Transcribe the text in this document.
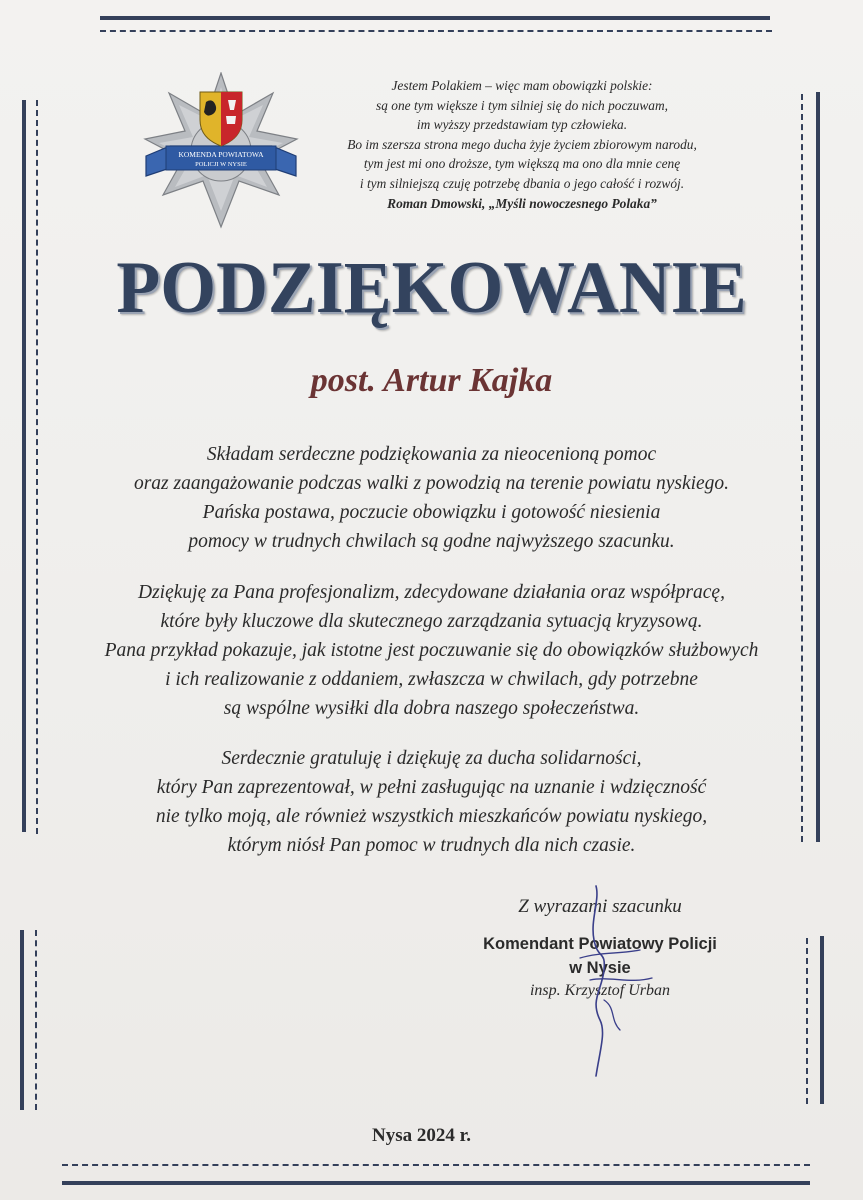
KOMENDA POWIATOWA
POLICJI W NYSIE
Jestem Polakiem – więc mam obowiązki polskie:
są one tym większe i tym silniej się do nich poczuwam,
im wyższy przedstawiam typ człowieka.
Bo im szersza strona mego ducha żyje życiem zbiorowym narodu,
tym jest mi ono droższe, tym większą ma ono dla mnie cenę
i tym silniejszą czuję potrzebę dbania o jego całość i rozwój.
Roman Dmowski, „Myśli nowoczesnego Polaka”
PODZIĘKOWANIE
post. Artur Kajka
Składam serdeczne podziękowania za nieocenioną pomoc
oraz zaangażowanie podczas walki z powodzią na terenie powiatu nyskiego.
Pańska postawa, poczucie obowiązku i gotowość niesienia
pomocy w trudnych chwilach są godne najwyższego szacunku.
Dziękuję za Pana profesjonalizm, zdecydowane działania oraz współpracę,
które były kluczowe dla skutecznego zarządzania sytuacją kryzysową.
Pana przykład pokazuje, jak istotne jest poczuwanie się do obowiązków służbowych
i ich realizowanie z oddaniem, zwłaszcza w chwilach, gdy potrzebne
są wspólne wysiłki dla dobra naszego społeczeństwa.
Serdecznie gratuluję i dziękuję za ducha solidarności,
który Pan zaprezentował, w pełni zasługując na uznanie i wdzięczność
nie tylko moją, ale również wszystkich mieszkańców powiatu nyskiego,
którym niósł Pan pomoc w trudnych dla nich czasie.
Z wyrazami szacunku
Komendant Powiatowy Policji
w Nysie
insp. Krzysztof Urban
Nysa 2024 r.
